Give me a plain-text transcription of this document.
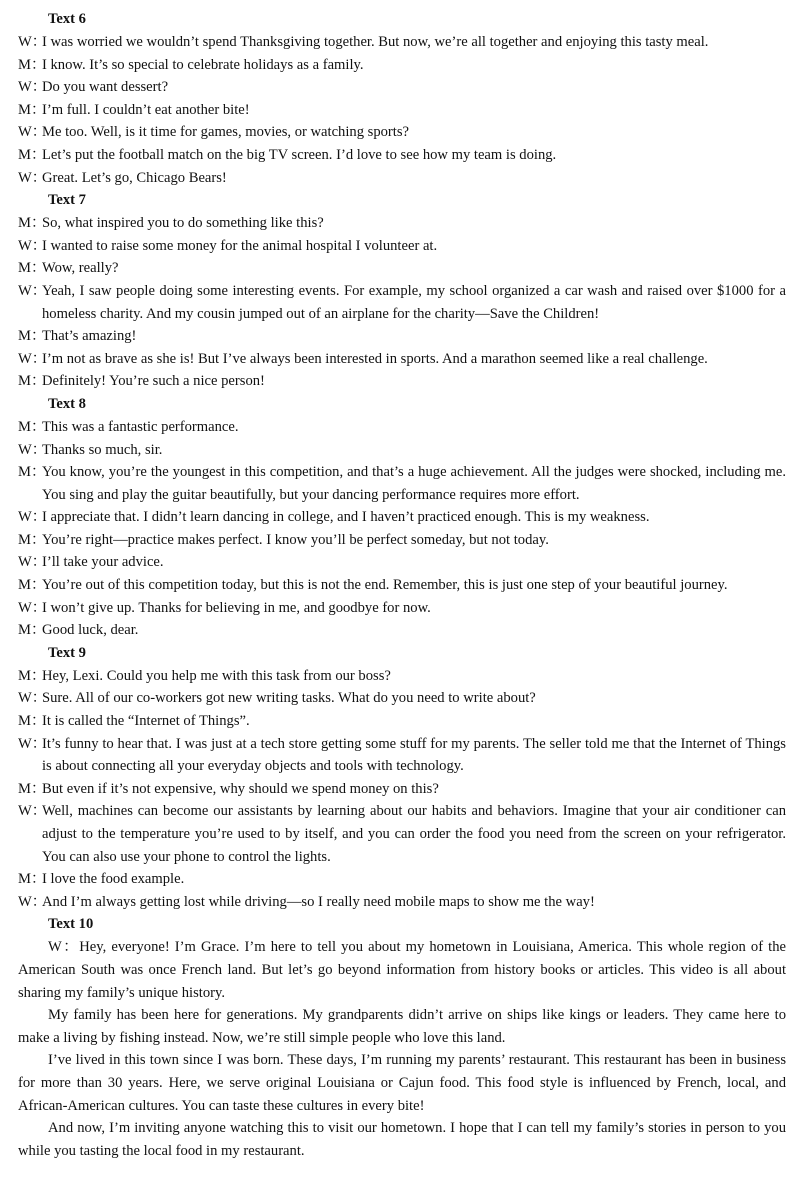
Text 6
W：
I was worried we wouldn’t spend Thanksgiving together. But now, we’re all together and enjoying this tasty meal.
M：
I know. It’s so special to celebrate holidays as a family.
W：
Do you want dessert?
M：
I’m full. I couldn’t eat another bite!
W：
Me too. Well, is it time for games, movies, or watching sports?
M：
Let’s put the football match on the big TV screen. I’d love to see how my team is doing.
W：
Great. Let’s go, Chicago Bears!
Text 7
M：
So, what inspired you to do something like this?
W：
I wanted to raise some money for the animal hospital I volunteer at.
M：
Wow, really?
W：
Yeah, I saw people doing some interesting events. For example, my school organized a car wash and raised over $1000 for a homeless charity. And my cousin jumped out of an airplane for the charity—Save the Children!
M：
That’s amazing!
W：
I’m not as brave as she is! But I’ve always been interested in sports. And a marathon seemed like a real challenge.
M：
Definitely! You’re such a nice person!
Text 8
M：
This was a fantastic performance.
W：
Thanks so much, sir.
M：
You know, you’re the youngest in this competition, and that’s a huge achievement. All the judges were shocked, including me. You sing and play the guitar beautifully, but your dancing performance requires more effort.
W：
I appreciate that. I didn’t learn dancing in college, and I haven’t practiced enough. This is my weakness.
M：
You’re right—practice makes perfect. I know you’ll be perfect someday, but not today.
W：
I’ll take your advice.
M：
You’re out of this competition today, but this is not the end. Remember, this is just one step of your beautiful journey.
W：
I won’t give up. Thanks for believing in me, and goodbye for now.
M：
Good luck, dear.
Text 9
M：
Hey, Lexi. Could you help me with this task from our boss?
W：
Sure. All of our co-workers got new writing tasks. What do you need to write about?
M：
It is called the “Internet of Things”.
W：
It’s funny to hear that. I was just at a tech store getting some stuff for my parents. The seller told me that the Internet of Things is about connecting all your everyday objects and tools with technology.
M：
But even if it’s not expensive, why should we spend money on this?
W：
Well, machines can become our assistants by learning about our habits and behaviors. Imagine that your air conditioner can adjust to the temperature you’re used to by itself, and you can order the food you need from the screen on your refrigerator. You can also use your phone to control the lights.
M：
I love the food example.
W：
And I’m always getting lost while driving—so I really need mobile maps to show me the way!
Text 10
W：Hey, everyone! I’m Grace. I’m here to tell you about my hometown in Louisiana, America. This whole region of the American South was once French land. But let’s go beyond information from history books or articles. This video is all about sharing my family’s unique history.
My family has been here for generations. My grandparents didn’t arrive on ships like kings or leaders. They came here to make a living by fishing instead. Now, we’re still simple people who love this land.
I’ve lived in this town since I was born. These days, I’m running my parents’ restaurant. This restaurant has been in business for more than 30 years. Here, we serve original Louisiana or Cajun food. This food style is influenced by French, local, and African-American cultures. You can taste these cultures in every bite!
And now, I’m inviting anyone watching this to visit our hometown. I hope that I can tell my family’s stories in person to you while you tasting the local food in my restaurant.
